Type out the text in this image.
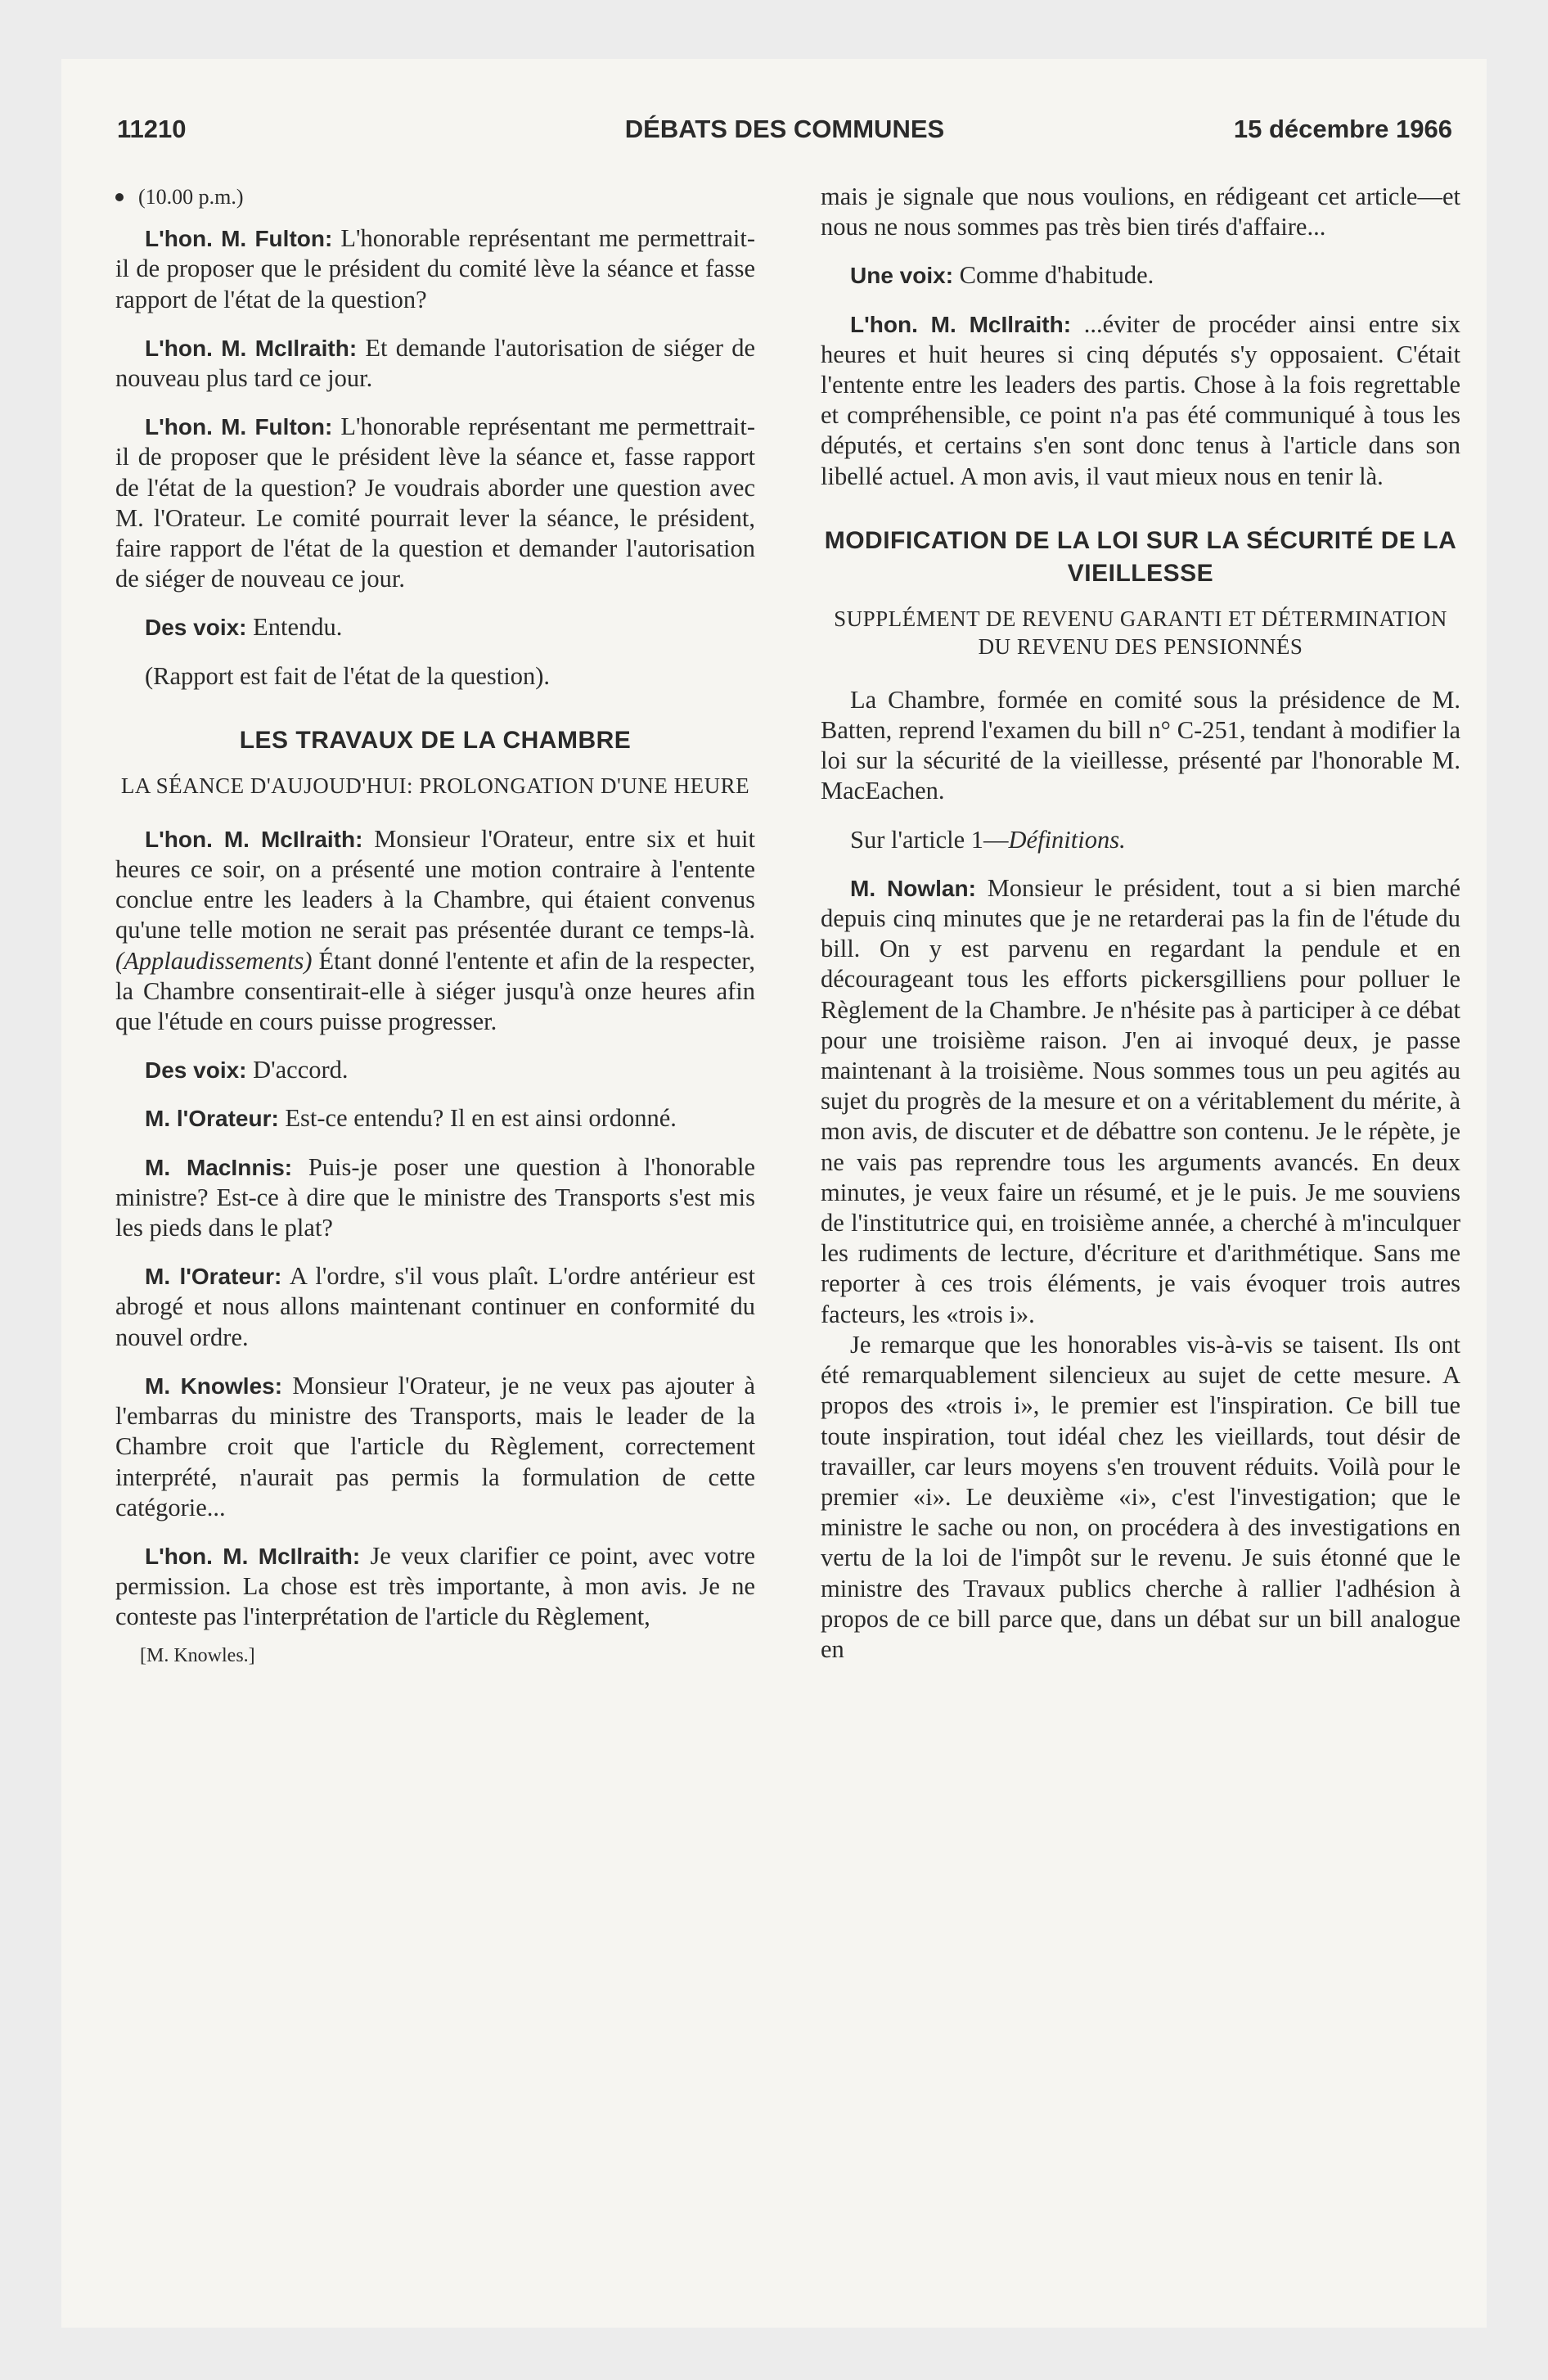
11210	DÉBATS DES COMMUNES	15 décembre 1966

(10.00 p.m.)

L'hon. M. Fulton: L'honorable représentant me permettrait-il de proposer que le président du comité lève la séance et fasse rapport de l'état de la question?

L'hon. M. McIlraith: Et demande l'autorisation de siéger de nouveau plus tard ce jour.

L'hon. M. Fulton: L'honorable représentant me permettrait-il de proposer que le président lève la séance et, fasse rapport de l'état de la question? Je voudrais aborder une question avec M. l'Orateur. Le comité pourrait lever la séance, le président, faire rapport de l'état de la question et demander l'autorisation de siéger de nouveau ce jour.

Des voix: Entendu.

(Rapport est fait de l'état de la question).

LES TRAVAUX DE LA CHAMBRE
LA SÉANCE D'AUJOUD'HUI: PROLONGATION D'UNE HEURE

L'hon. M. McIlraith: Monsieur l'Orateur, entre six et huit heures ce soir, on a présenté une motion contraire à l'entente conclue entre les leaders à la Chambre, qui étaient convenus qu'une telle motion ne serait pas présentée durant ce temps-là. (Applaudissements) Étant donné l'entente et afin de la respecter, la Chambre consentirait-elle à siéger jusqu'à onze heures afin que l'étude en cours puisse progresser.

Des voix: D'accord.

M. l'Orateur: Est-ce entendu? Il en est ainsi ordonné.

M. MacInnis: Puis-je poser une question à l'honorable ministre? Est-ce à dire que le ministre des Transports s'est mis les pieds dans le plat?

M. l'Orateur: A l'ordre, s'il vous plaît. L'ordre antérieur est abrogé et nous allons maintenant continuer en conformité du nouvel ordre.

M. Knowles: Monsieur l'Orateur, je ne veux pas ajouter à l'embarras du ministre des Transports, mais le leader de la Chambre croit que l'article du Règlement, correctement interprété, n'aurait pas permis la formulation de cette catégorie...

L'hon. M. McIlraith: Je veux clarifier ce point, avec votre permission. La chose est très importante, à mon avis. Je ne conteste pas l'interprétation de l'article du Règlement,

[M. Knowles.]

mais je signale que nous voulions, en rédigeant cet article—et nous ne nous sommes pas très bien tirés d'affaire...

Une voix: Comme d'habitude.

L'hon. M. McIlraith: ...éviter de procéder ainsi entre six heures et huit heures si cinq députés s'y opposaient. C'était l'entente entre les leaders des partis. Chose à la fois regrettable et compréhensible, ce point n'a pas été communiqué à tous les députés, et certains s'en sont donc tenus à l'article dans son libellé actuel. A mon avis, il vaut mieux nous en tenir là.

MODIFICATION DE LA LOI SUR LA SÉCURITÉ DE LA VIEILLESSE
SUPPLÉMENT DE REVENU GARANTI ET DÉTERMINATION DU REVENU DES PENSIONNÉS

La Chambre, formée en comité sous la présidence de M. Batten, reprend l'examen du bill n° C-251, tendant à modifier la loi sur la sécurité de la vieillesse, présenté par l'honorable M. MacEachen.

Sur l'article 1—Définitions.

M. Nowlan: Monsieur le président, tout a si bien marché depuis cinq minutes que je ne retarderai pas la fin de l'étude du bill. On y est parvenu en regardant la pendule et en décourageant tous les efforts pickersgilliens pour polluer le Règlement de la Chambre. Je n'hésite pas à participer à ce débat pour une troisième raison. J'en ai invoqué deux, je passe maintenant à la troisième. Nous sommes tous un peu agités au sujet du progrès de la mesure et on a véritablement du mérite, à mon avis, de discuter et de débattre son contenu. Je le répète, je ne vais pas reprendre tous les arguments avancés. En deux minutes, je veux faire un résumé, et je le puis. Je me souviens de l'institutrice qui, en troisième année, a cherché à m'inculquer les rudiments de lecture, d'écriture et d'arithmétique. Sans me reporter à ces trois éléments, je vais évoquer trois autres facteurs, les «trois i».

Je remarque que les honorables vis-à-vis se taisent. Ils ont été remarquablement silencieux au sujet de cette mesure. A propos des «trois i», le premier est l'inspiration. Ce bill tue toute inspiration, tout idéal chez les vieillards, tout désir de travailler, car leurs moyens s'en trouvent réduits. Voilà pour le premier «i». Le deuxième «i», c'est l'investigation; que le ministre le sache ou non, on procédera à des investigations en vertu de la loi de l'impôt sur le revenu. Je suis étonné que le ministre des Travaux publics cherche à rallier l'adhésion à propos de ce bill parce que, dans un débat sur un bill analogue en
